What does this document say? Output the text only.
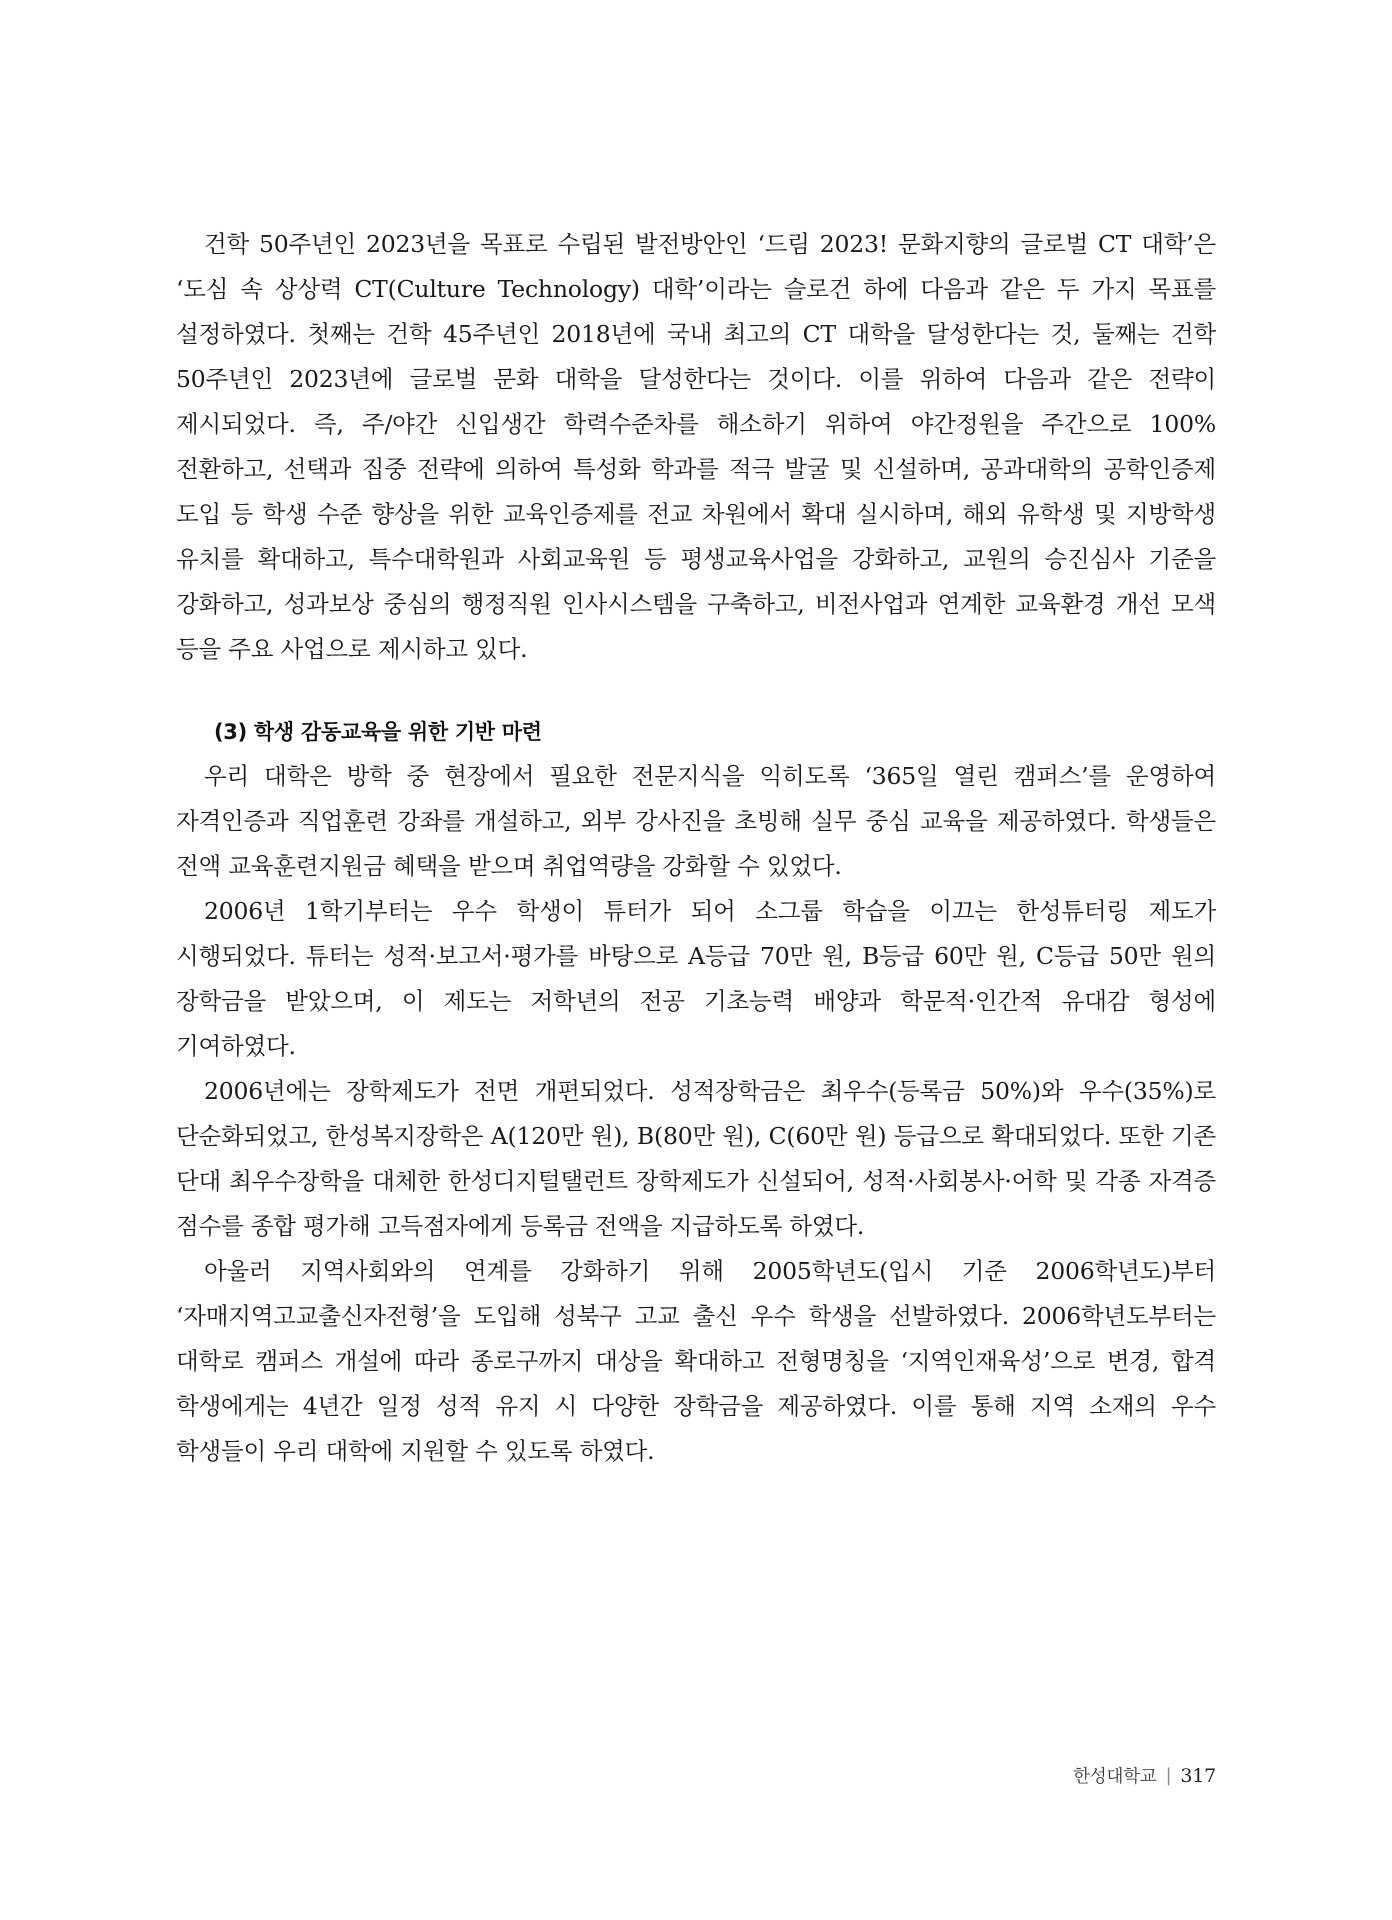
건학 50주년인 2023년을 목표로 수립된 발전방안인 ‘드림 2023! 문화지향의 글로벌 CT 대학’은 ‘도심 속 상상력 CT(Culture Technology) 대학’이라는 슬로건 하에 다음과 같은 두 가지 목표를 설정하였다. 첫째는 건학 45주년인 2018년에 국내 최고의 CT 대학을 달성한다는 것, 둘째는 건학 50주년인 2023년에 글로벌 문화 대학을 달성한다는 것이다. 이를 위하여 다음과 같은 전략이 제시되었다. 즉, 주/야간 신입생간 학력수준차를 해소하기 위하여 야간정원을 주간으로 100% 전환하고, 선택과 집중 전략에 의하여 특성화 학과를 적극 발굴 및 신설하며, 공과대학의 공학인증제 도입 등 학생 수준 향상을 위한 교육인증제를 전교 차원에서 확대 실시하며, 해외 유학생 및 지방학생 유치를 확대하고, 특수대학원과 사회교육원 등 평생교육사업을 강화하고, 교원의 승진심사 기준을 강화하고, 성과보상 중심의 행정직원 인사시스템을 구축하고, 비전사업과 연계한 교육환경 개선 모색 등을 주요 사업으로 제시하고 있다.

(3) 학생 감동교육을 위한 기반 마련

우리 대학은 방학 중 현장에서 필요한 전문지식을 익히도록 ‘365일 열린 캠퍼스’를 운영하여 자격인증과 직업훈련 강좌를 개설하고, 외부 강사진을 초빙해 실무 중심 교육을 제공하였다. 학생들은 전액 교육훈련지원금 혜택을 받으며 취업역량을 강화할 수 있었다.

2006년 1학기부터는 우수 학생이 튜터가 되어 소그룹 학습을 이끄는 한성튜터링 제도가 시행되었다. 튜터는 성적·보고서·평가를 바탕으로 A등급 70만 원, B등급 60만 원, C등급 50만 원의 장학금을 받았으며, 이 제도는 저학년의 전공 기초능력 배양과 학문적·인간적 유대감 형성에 기여하였다.

2006년에는 장학제도가 전면 개편되었다. 성적장학금은 최우수(등록금 50%)와 우수(35%)로 단순화되었고, 한성복지장학은 A(120만 원), B(80만 원), C(60만 원) 등급으로 확대되었다. 또한 기존 단대 최우수장학을 대체한 한성디지털탤런트 장학제도가 신설되어, 성적·사회봉사·어학 및 각종 자격증 점수를 종합 평가해 고득점자에게 등록금 전액을 지급하도록 하였다.

아울러 지역사회와의 연계를 강화하기 위해 2005학년도(입시 기준 2006학년도)부터 ‘자매지역고교출신자전형’을 도입해 성북구 고교 출신 우수 학생을 선발하였다. 2006학년도부터는 대학로 캠퍼스 개설에 따라 종로구까지 대상을 확대하고 전형명칭을 ‘지역인재육성’으로 변경, 합격 학생에게는 4년간 일정 성적 유지 시 다양한 장학금을 제공하였다. 이를 통해 지역 소재의 우수 학생들이 우리 대학에 지원할 수 있도록 하였다.

한성대학교 | 317
